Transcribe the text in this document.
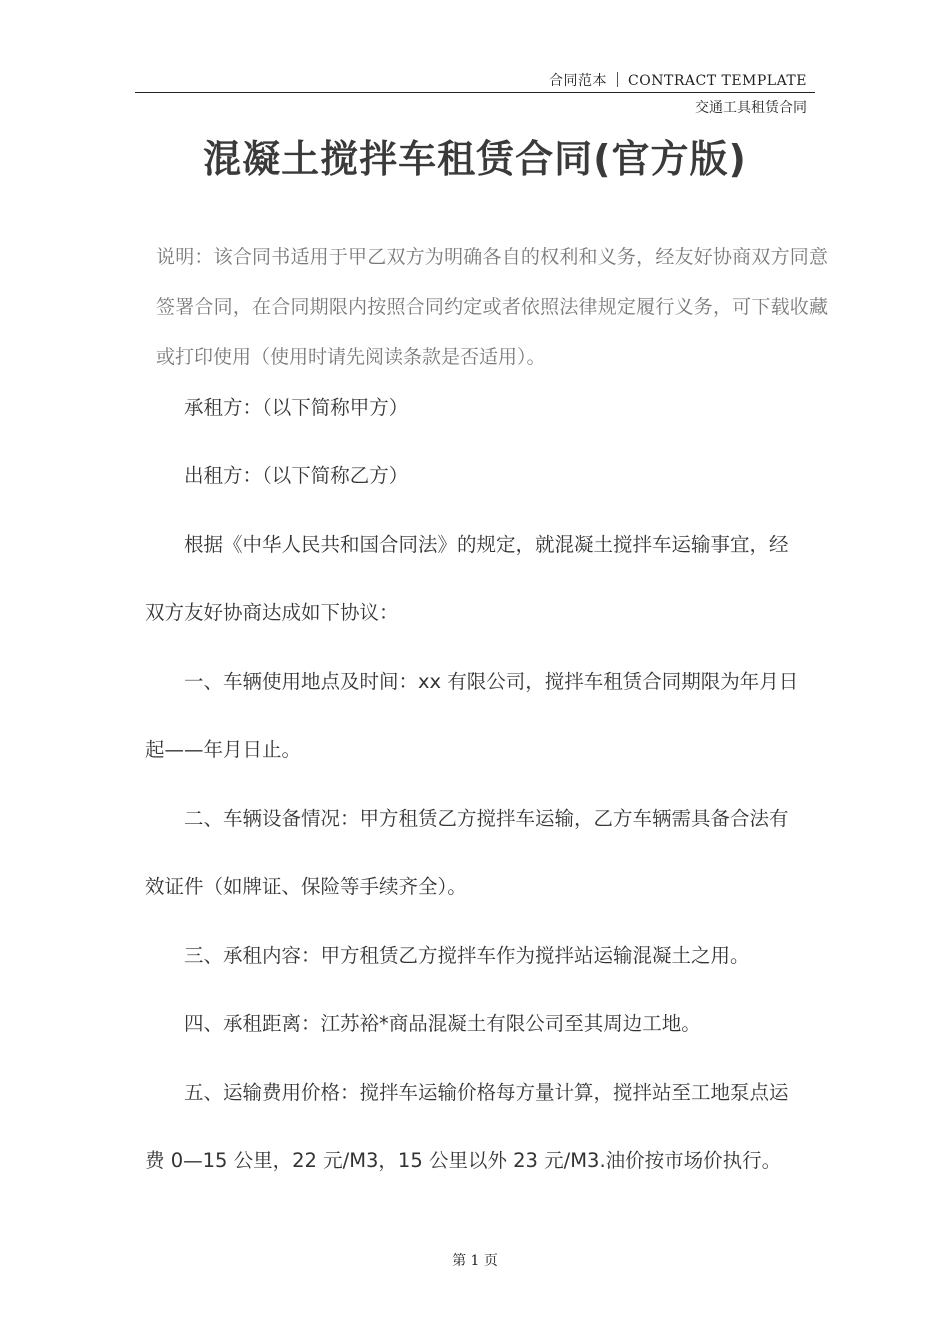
合同范本 CONTRACT TEMPLATE
交通工具租赁合同
混凝土搅拌车租赁合同(官方版)
说明：该合同书适用于甲乙双方为明确各自的权利和义务，经友好协商双方同意签署合同，在合同期限内按照合同约定或者依照法律规定履行义务，可下载收藏或打印使用（使用时请先阅读条款是否适用）。
承租方：（以下简称甲方）
出租方：（以下简称乙方）
根据《中华人民共和国合同法》的规定，就混凝土搅拌车运输事宜，经
双方友好协商达成如下协议：
一、车辆使用地点及时间：xx 有限公司，搅拌车租赁合同期限为年月日
起——年月日止。
二、车辆设备情况：甲方租赁乙方搅拌车运输，乙方车辆需具备合法有
效证件（如牌证、保险等手续齐全）。
三、承租内容：甲方租赁乙方搅拌车作为搅拌站运输混凝土之用。
四、承租距离：江苏裕*商品混凝土有限公司至其周边工地。
五、运输费用价格：搅拌车运输价格每方量计算，搅拌站至工地泵点运
费 0—15 公里，22 元/M3，15 公里以外 23 元/M3.油价按市场价执行。
第 1 页
